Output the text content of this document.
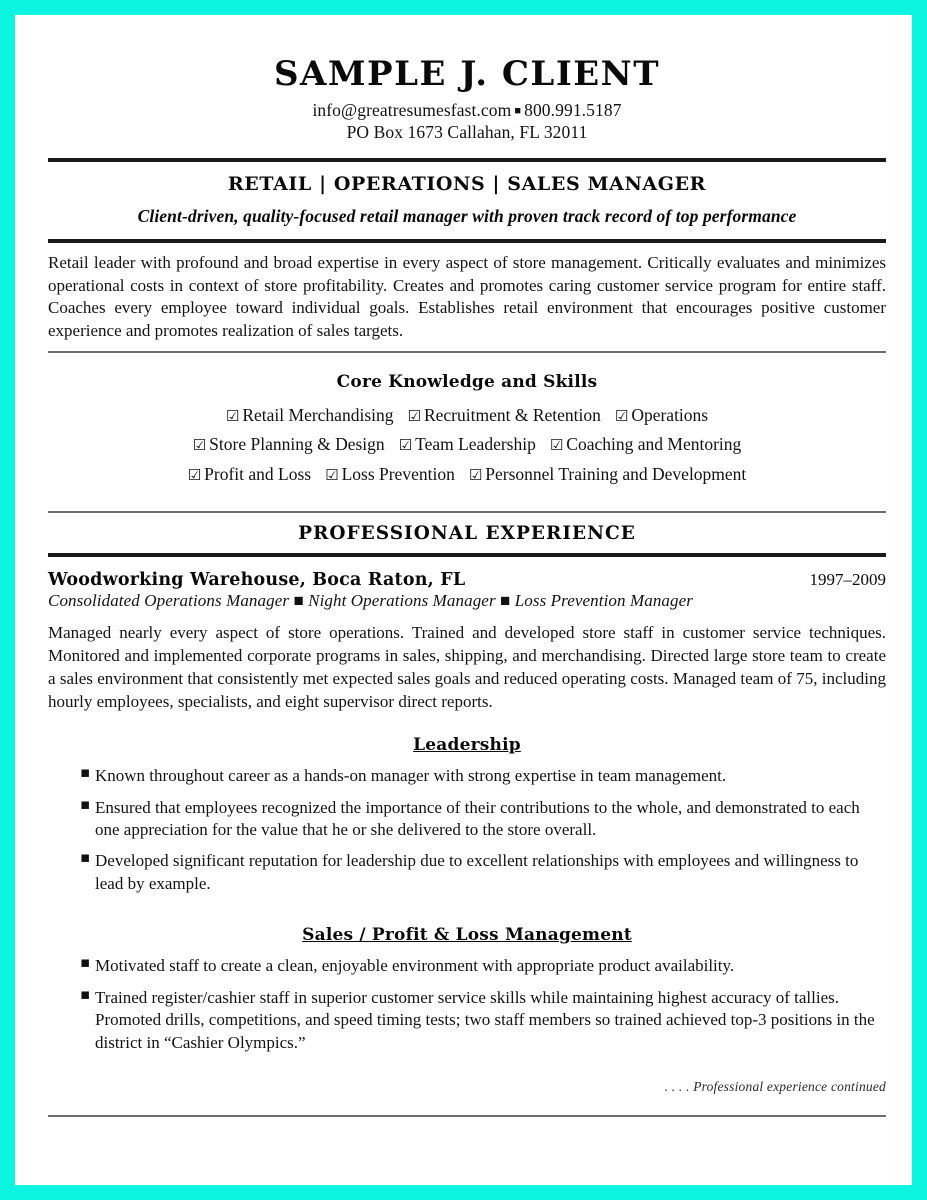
SAMPLE J. CLIENT
info@greatresumesfast.com ■ 800.991.5187
PO Box 1673 Callahan, FL 32011
RETAIL | OPERATIONS | SALES MANAGER
Client-driven, quality-focused retail manager with proven track record of top performance
Retail leader with profound and broad expertise in every aspect of store management. Critically evaluates and minimizes operational costs in context of store profitability. Creates and promotes caring customer service program for entire staff. Coaches every employee toward individual goals. Establishes retail environment that encourages positive customer experience and promotes realization of sales targets.
Core Knowledge and Skills
☑ Retail Merchandising ☑ Recruitment & Retention ☑ Operations
☑ Store Planning & Design ☑ Team Leadership ☑ Coaching and Mentoring
☑ Profit and Loss ☑ Loss Prevention ☑ Personnel Training and Development
PROFESSIONAL EXPERIENCE
Woodworking Warehouse, Boca Raton, FL	1997–2009
Consolidated Operations Manager ■ Night Operations Manager ■ Loss Prevention Manager
Managed nearly every aspect of store operations. Trained and developed store staff in customer service techniques. Monitored and implemented corporate programs in sales, shipping, and merchandising. Directed large store team to create a sales environment that consistently met expected sales goals and reduced operating costs. Managed team of 75, including hourly employees, specialists, and eight supervisor direct reports.
Leadership
▪ Known throughout career as a hands-on manager with strong expertise in team management.
▪ Ensured that employees recognized the importance of their contributions to the whole, and demonstrated to each one appreciation for the value that he or she delivered to the store overall.
▪ Developed significant reputation for leadership due to excellent relationships with employees and willingness to lead by example.
Sales / Profit & Loss Management
▪ Motivated staff to create a clean, enjoyable environment with appropriate product availability.
▪ Trained register/cashier staff in superior customer service skills while maintaining highest accuracy of tallies. Promoted drills, competitions, and speed timing tests; two staff members so trained achieved top-3 positions in the district in “Cashier Olympics.”
. . . . Professional experience continued
